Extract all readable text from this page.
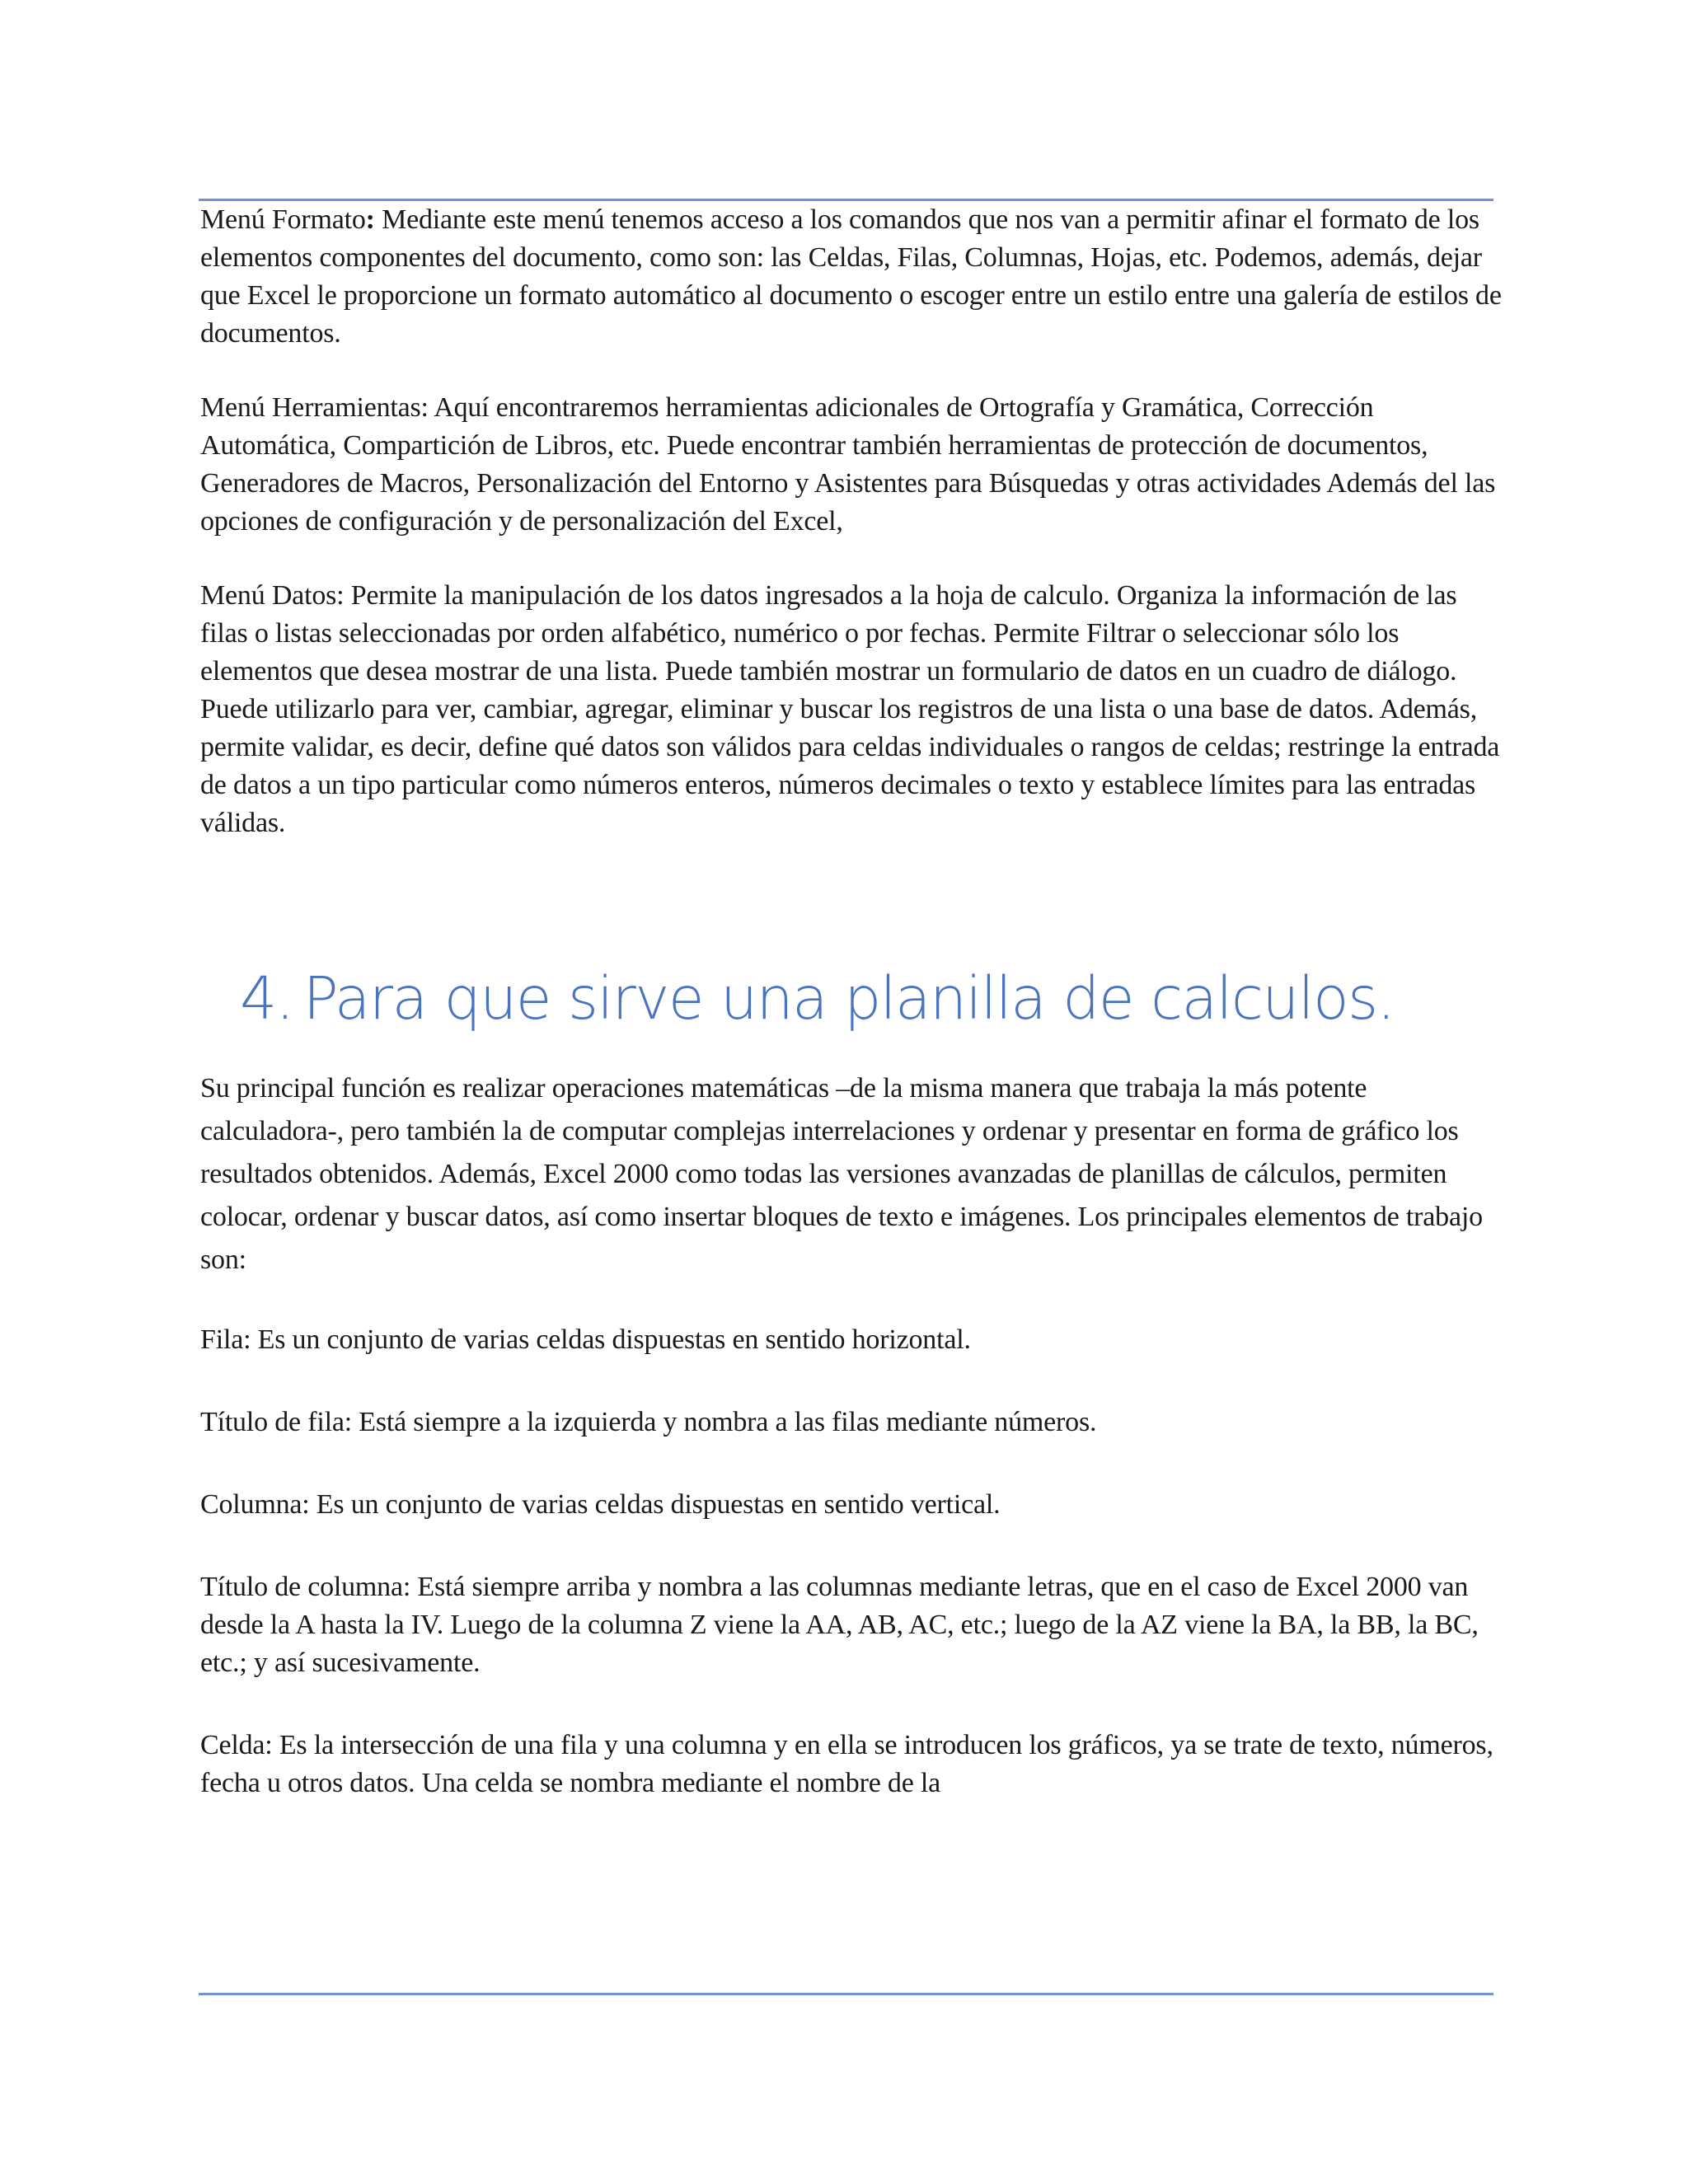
Menú Formato: Mediante este menú tenemos acceso a los comandos que nos van a permitir afinar el formato de los elementos componentes del documento, como son: las Celdas, Filas, Columnas, Hojas, etc. Podemos, además, dejar que Excel le proporcione un formato automático al documento o escoger entre un estilo entre una galería de estilos de documentos.

Menú Herramientas: Aquí encontraremos herramientas adicionales de Ortografía y Gramática, Corrección Automática, Compartición de Libros, etc. Puede encontrar también herramientas de protección de documentos, Generadores de Macros, Personalización del Entorno y Asistentes para Búsquedas y otras actividades Además del las opciones de configuración y de personalización del Excel,

Menú Datos: Permite la manipulación de los datos ingresados a la hoja de calculo. Organiza la información de las filas o listas seleccionadas por orden alfabético, numérico o por fechas. Permite Filtrar o seleccionar sólo los elementos que desea mostrar de una lista. Puede también mostrar un formulario de datos en un cuadro de diálogo. Puede utilizarlo para ver, cambiar, agregar, eliminar y buscar los registros de una lista o una base de datos. Además, permite validar, es decir, define qué datos son válidos para celdas individuales o rangos de celdas; restringe la entrada de datos a un tipo particular como números enteros, números decimales o texto y establece límites para las entradas válidas.

4. Para que sirve una planilla de calculos.

Su principal función es realizar operaciones matemáticas –de la misma manera que trabaja la más potente calculadora-, pero también la de computar complejas interrelaciones y ordenar y presentar en forma de gráfico los resultados obtenidos. Además, Excel 2000 como todas las versiones avanzadas de planillas de cálculos, permiten colocar, ordenar y buscar datos, así como insertar bloques de texto e imágenes. Los principales elementos de trabajo son:

Fila: Es un conjunto de varias celdas dispuestas en sentido horizontal.

Título de fila: Está siempre a la izquierda y nombra a las filas mediante números.

Columna: Es un conjunto de varias celdas dispuestas en sentido vertical.

Título de columna: Está siempre arriba y nombra a las columnas mediante letras, que en el caso de Excel 2000 van desde la A hasta la IV. Luego de la columna Z viene la AA, AB, AC, etc.; luego de la AZ viene la BA, la BB, la BC, etc.; y así sucesivamente.

Celda: Es la intersección de una fila y una columna y en ella se introducen los gráficos, ya se trate de texto, números, fecha u otros datos. Una celda se nombra mediante el nombre de la
